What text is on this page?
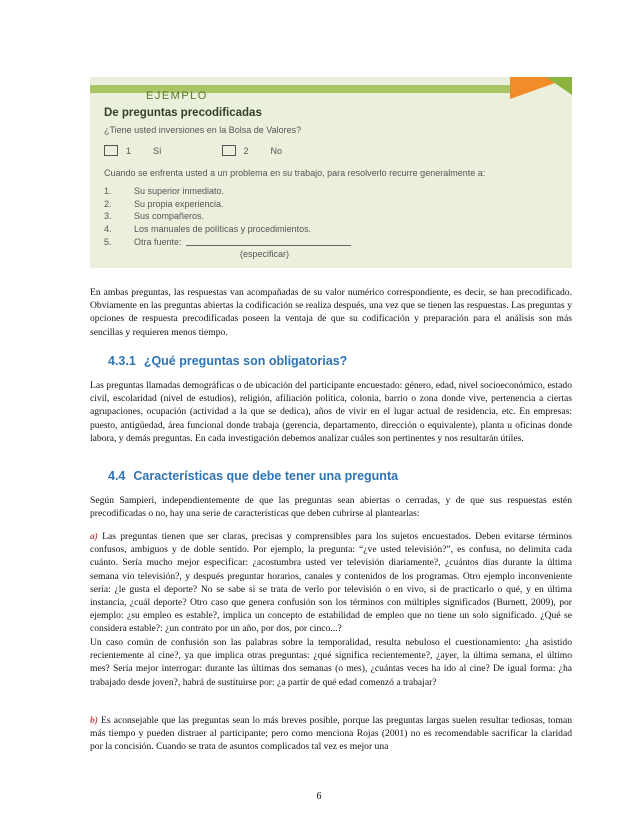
EJEMPLO
De preguntas precodificadas
¿Tiene usted inversiones en la Bolsa de Valores?
1 Sí	2 No
Cuando se enfrenta usted a un problema en su trabajo, para resolverlo recurre generalmente a:
1.	Su superior inmediato.
2.	Su propia experiencia.
3.	Sus compañeros.
4.	Los manuales de políticas y procedimientos.
5.	Otra fuente:
(especificar)

En ambas preguntas, las respuestas van acompañadas de su valor numérico correspondiente, es decir, se han precodificado. Obviamente en las preguntas abiertas la codificación se realiza después, una vez que se tienen las respuestas. Las preguntas y opciones de respuesta precodificadas poseen la ventaja de que su codificación y preparación para el análisis son más sencillas y requieren menos tiempo.

4.3.1 ¿Qué preguntas son obligatorias?

Las preguntas llamadas demográficas o de ubicación del participante encuestado: género, edad, nivel socioeconómico, estado civil, escolaridad (nivel de estudios), religión, afiliación política, colonia, barrio o zona donde vive, pertenencia a ciertas agrupaciones, ocupación (actividad a la que se dedica), años de vivir en el lugar actual de residencia, etc. En empresas: puesto, antigüedad, área funcional donde trabaja (gerencia, departamento, dirección o equivalente), planta u oficinas donde labora, y demás preguntas. En cada investigación debemos analizar cuáles son pertinentes y nos resultarán útiles.

4.4 Características que debe tener una pregunta

Según Sampieri, independientemente de que las preguntas sean abiertas o cerradas, y de que sus respuestas estén precodificadas o no, hay una serie de características que deben cubrirse al plantearlas:

a) Las preguntas tienen que ser claras, precisas y comprensibles para los sujetos encuestados. Deben evitarse términos confusos, ambiguos y de doble sentido. Por ejemplo, la pregunta: “¿ve usted televisión?”, es confusa, no delimita cada cuánto. Sería mucho mejor especificar: ¿acostumbra usted ver televisión diariamente?, ¿cuántos días durante la última semana vio televisión?, y después preguntar horarios, canales y contenidos de los programas. Otro ejemplo inconveniente sería: ¿le gusta el deporte? No se sabe si se trata de verlo por televisión o en vivo, si de practicarlo o qué, y en última instancia, ¿cuál deporte? Otro caso que genera confusión son los términos con múltiples significados (Burnett, 2009), por ejemplo: ¿su empleo es estable?, implica un concepto de estabilidad de empleo que no tiene un solo significado. ¿Qué se considera estable?: ¿un contrato por un año, por dos, por cinco...?

Un caso común de confusión son las palabras sobre la temporalidad, resulta nebuloso el cuestionamiento: ¿ha asistido recientemente al cine?, ya que implica otras preguntas: ¿qué significa recientemente?, ¿ayer, la última semana, el último mes? Sería mejor interrogar: durante las últimas dos semanas (o mes), ¿cuántas veces ha ido al cine? De igual forma: ¿ha trabajado desde joven?, habrá de sustituirse por: ¿a partir de qué edad comenzó a trabajar?

b) Es aconsejable que las preguntas sean lo más breves posible, porque las preguntas largas suelen resultar tediosas, toman más tiempo y pueden distraer al participante; pero como menciona Rojas (2001) no es recomendable sacrificar la claridad por la concisión. Cuando se trata de asuntos complicados tal vez es mejor una

6
